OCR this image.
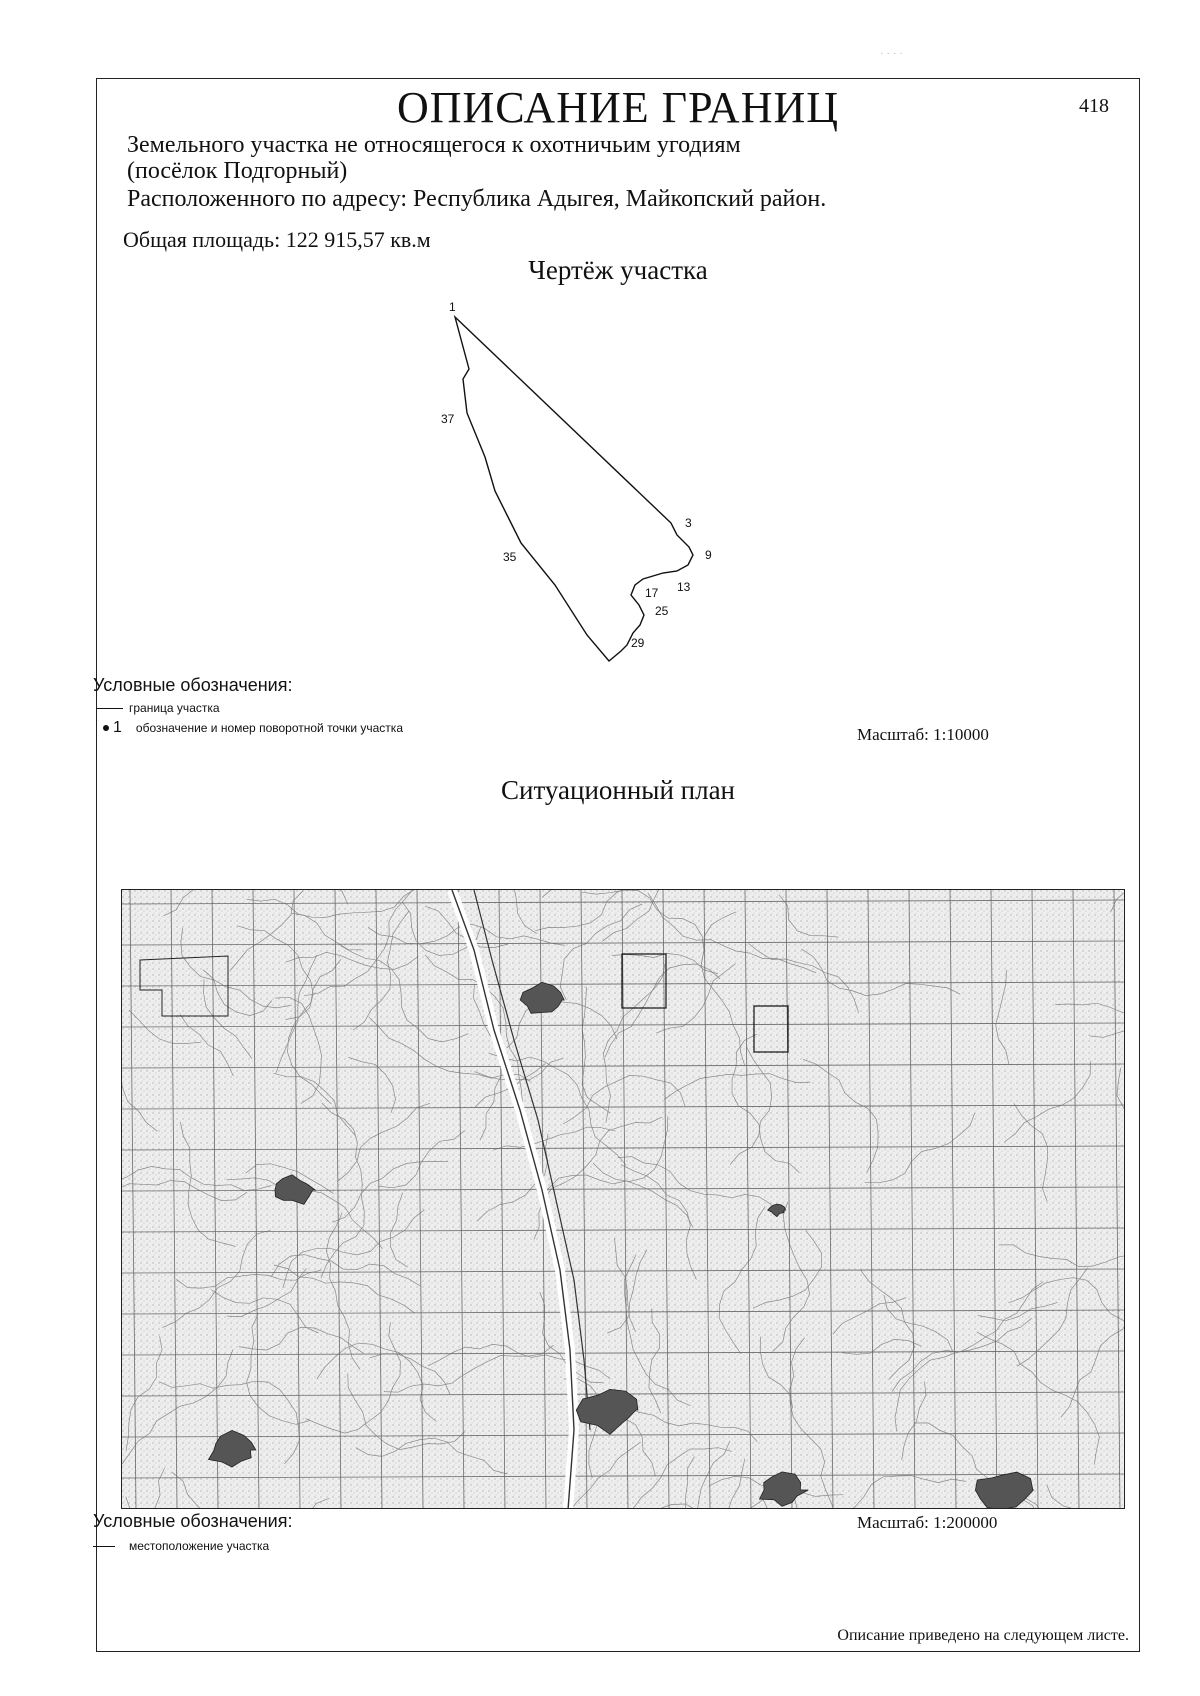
· · · ·
ОПИСАНИЕ ГРАНИЦ	418
Земельного участка не относящегося к охотничьим угодиям
(посёлок Подгорный)
Расположенного по адресу: Республика Адыгея, Майкопский район.
Общая площадь: 122 915,57 кв.м
Чертёж участка
1
37
3
9
35
17 13
25
29
Условные обозначения:
граница участка
1 обозначение и номер поворотной точки участка	Масштаб: 1:10000
Ситуационный план
Условные обозначения:
местоположение участка
Масштаб: 1:200000
Описание приведено на следующем листе.
